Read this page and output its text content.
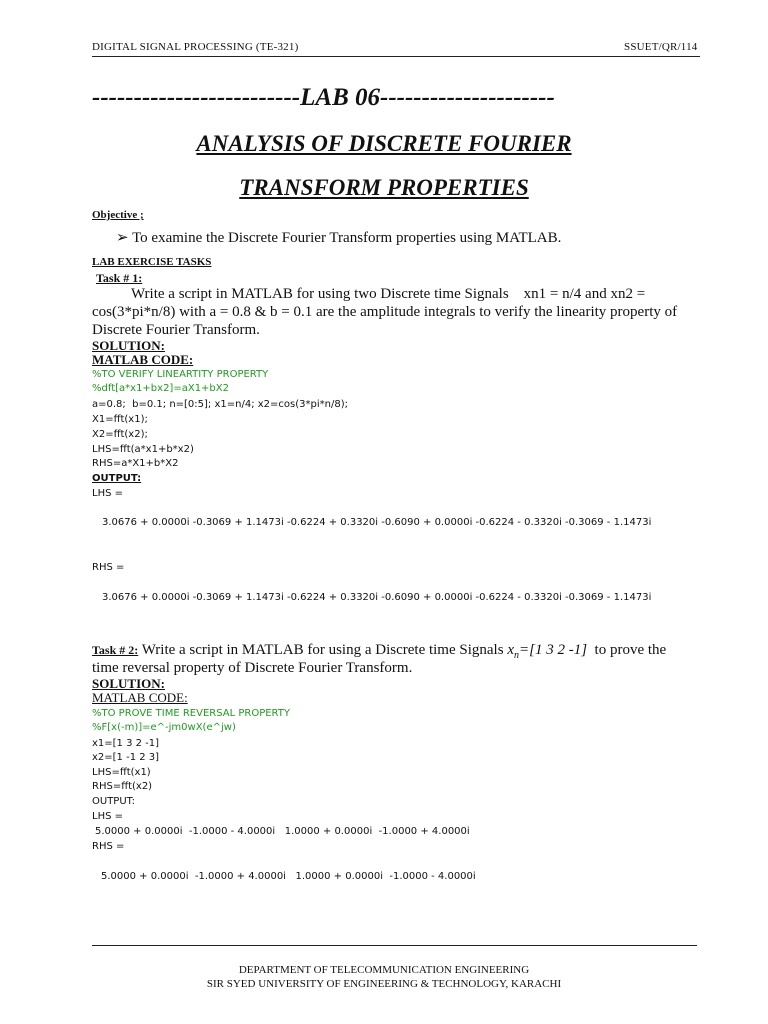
DIGITAL SIGNAL PROCESSING (TE-321)	SSUET/QR/114
-------------------------LAB 06---------------------
ANALYSIS OF DISCRETE FOURIER
TRANSFORM PROPERTIES
Objective ;
➢ To examine the Discrete Fourier Transform properties using MATLAB.
LAB EXERCISE TASKS
Task # 1:
Write a script in MATLAB for using two Discrete time Signals    xn1 = n/4 and xn2 =
cos(3*pi*n/8) with a = 0.8 & b = 0.1 are the amplitude integrals to verify the linearity property of
Discrete Fourier Transform.
SOLUTION:
MATLAB CODE:
%TO VERIFY LINEARTITY PROPERTY
%dft[a*x1+bx2]=aX1+bX2
a=0.8;  b=0.1; n=[0:5]; x1=n/4; x2=cos(3*pi*n/8);
X1=fft(x1);
X2=fft(x2);
LHS=fft(a*x1+b*x2)
RHS=a*X1+b*X2
OUTPUT:
LHS =
3.0676 + 0.0000i -0.3069 + 1.1473i -0.6224 + 0.3320i -0.6090 + 0.0000i -0.6224 - 0.3320i -0.3069 - 1.1473i
RHS =
3.0676 + 0.0000i -0.3069 + 1.1473i -0.6224 + 0.3320i -0.6090 + 0.0000i -0.6224 - 0.3320i -0.3069 - 1.1473i
Task # 2: Write a script in MATLAB for using a Discrete time Signals $x_n=[1$ 3 2 -1]  to prove the
time reversal property of Discrete Fourier Transform.
SOLUTION:
MATLAB CODE:
%TO PROVE TIME REVERSAL PROPERTY
%F[x(-m)]=e^-jm0wX(e^jw)
x1=[1 3 2 -1]
x2=[1 -1 2 3]
LHS=fft(x1)
RHS=fft(x2)
OUTPUT:
LHS =
5.0000 + 0.0000i  -1.0000 - 4.0000i   1.0000 + 0.0000i  -1.0000 + 4.0000i
RHS =
5.0000 + 0.0000i  -1.0000 + 4.0000i   1.0000 + 0.0000i  -1.0000 - 4.0000i
DEPARTMENT OF TELECOMMUNICATION ENGINEERING
SIR SYED UNIVERSITY OF ENGINEERING & TECHNOLOGY, KARACHI
